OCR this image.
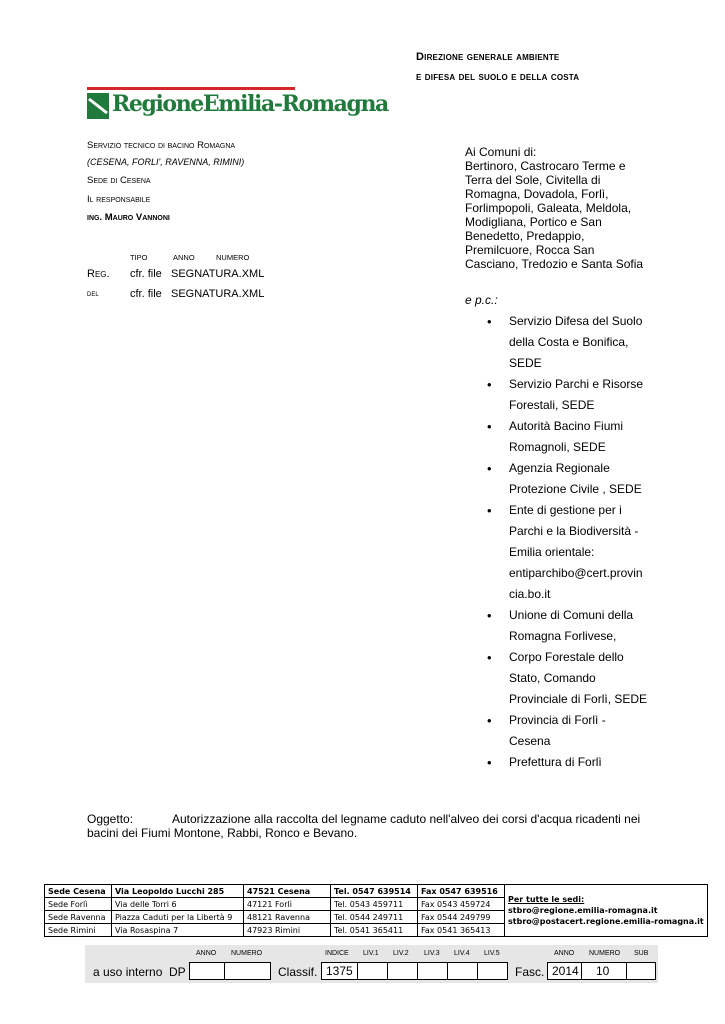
Direzione generale ambiente
e difesa del suolo e della costa
RegioneEmilia-Romagna
Servizio tecnico di bacino Romagna
(CESENA, FORLI', RAVENNA, RIMINI)
Sede di Cesena
Il responsabile
ing. Mauro Vannoni
TIPO	ANNO	NUMERO
Reg. cfr. file SEGNATURA.XML
del	cfr. file SEGNATURA.XML
Ai Comuni di:
Bertinoro, Castrocaro Terme e
Terra del Sole, Civitella di
Romagna, Dovadola, Forlì,
Forlimpopoli, Galeata, Meldola,
Modigliana, Portico e San
Benedetto, Predappio,
Premilcuore, Rocca San
Casciano, Tredozio e Santa Sofia
e p.c.:
• Servizio Difesa del Suolo
della Costa e Bonifica,
SEDE
• Servizio Parchi e Risorse
Forestali, SEDE
• Autorità Bacino Fiumi
Romagnoli, SEDE
• Agenzia Regionale
Protezione Civile , SEDE
• Ente di gestione per i
Parchi e la Biodiversità -
Emilia orientale:
entiparchibo@cert.provin
cia.bo.it
• Unione di Comuni della
Romagna Forlivese,
• Corpo Forestale dello
Stato, Comando
Provinciale di Forlì, SEDE
• Provincia di Forlì -
Cesena
• Prefettura di Forlì
Oggetto:	Autorizzazione alla raccolta del legname caduto nell'alveo dei corsi d'acqua ricadenti nei
bacini dei Fiumi Montone, Rabbi, Ronco e Bevano.
Sede Cesena	Via Leopoldo Lucchi 285	47521 Cesena	Tel. 0547 639514	Fax 0547 639516	Per tutte le sedi:
stbro@regione.emilia-romagna.it
stbro@postacert.regione.emilia-romagna.it

Sede Forlì	Via delle Torri 6	47121 Forlì	Tel. 0543 459711	Fax 0543 459724	
Sede Ravenna	Piazza Caduti per la Libertà 9	48121 Ravenna	Tel. 0544 249711	Fax 0544 249799	
Sede Rimini	Via Rosaspina 7	47923 Rimini	Tel. 0541 365411	Fax 0541 365413	
ANNO NUMERO	INDICE LIV.1 LIV.2 LIV.3 LIV.4 LIV.5	ANNO NUMERO SUB
a uso interno DP	Classif. 1375	Fasc. 2014	10
